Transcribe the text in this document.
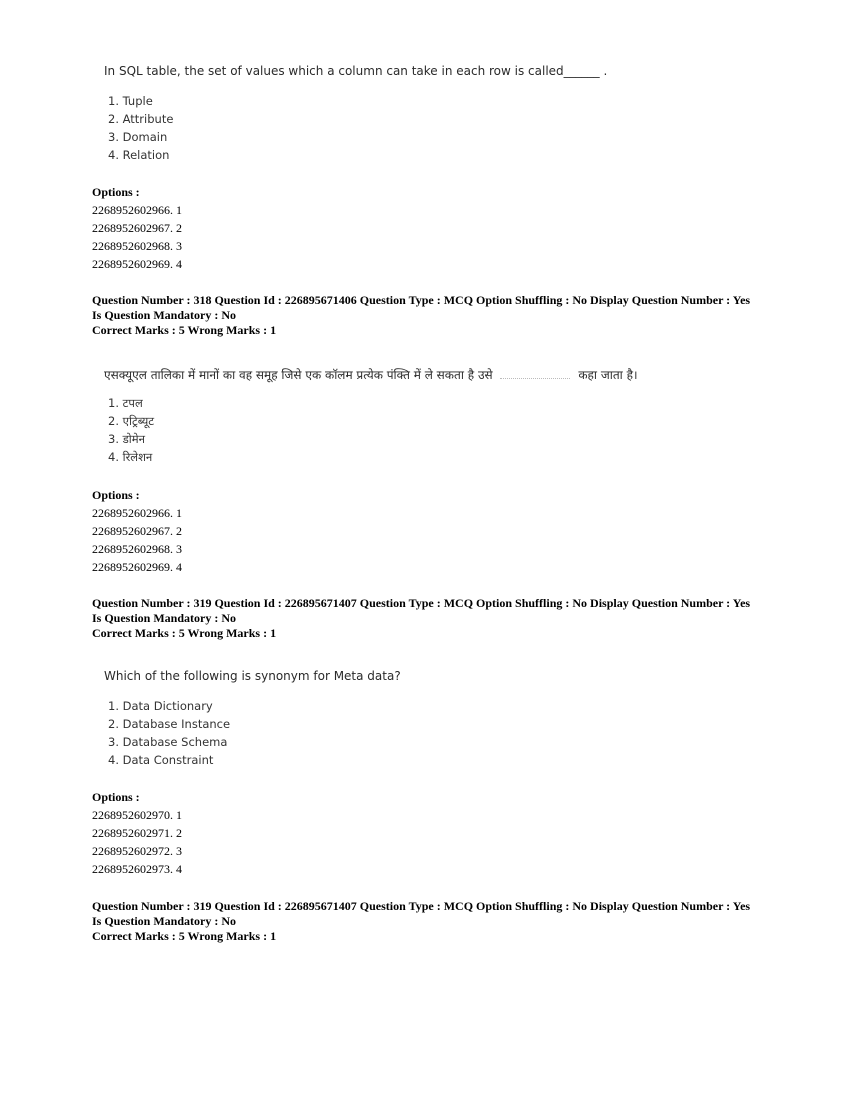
In SQL table, the set of values which a column can take in each row is called______ .
1. Tuple
2. Attribute
3. Domain
4. Relation
Options :
2268952602966. 1
2268952602967. 2
2268952602968. 3
2268952602969. 4
Question Number : 318 Question Id : 226895671406 Question Type : MCQ Option Shuffling : No Display Question Number : Yes Is Question Mandatory : No
Correct Marks : 5 Wrong Marks : 1
एसक्यूएल तालिका में मानों का वह समूह जिसे एक कॉलम प्रत्येक पंक्ति में ले सकता है उसे	कहा जाता है।
1. टपल
2. एट्रिब्यूट
3. डोमेन
4. रिलेशन
Options :
2268952602966. 1
2268952602967. 2
2268952602968. 3
2268952602969. 4
Question Number : 319 Question Id : 226895671407 Question Type : MCQ Option Shuffling : No Display Question Number : Yes Is Question Mandatory : No
Correct Marks : 5 Wrong Marks : 1
Which of the following is synonym for Meta data?
1. Data Dictionary
2. Database Instance
3. Database Schema
4. Data Constraint
Options :
2268952602970. 1
2268952602971. 2
2268952602972. 3
2268952602973. 4
Question Number : 319 Question Id : 226895671407 Question Type : MCQ Option Shuffling : No Display Question Number : Yes Is Question Mandatory : No
Correct Marks : 5 Wrong Marks : 1
